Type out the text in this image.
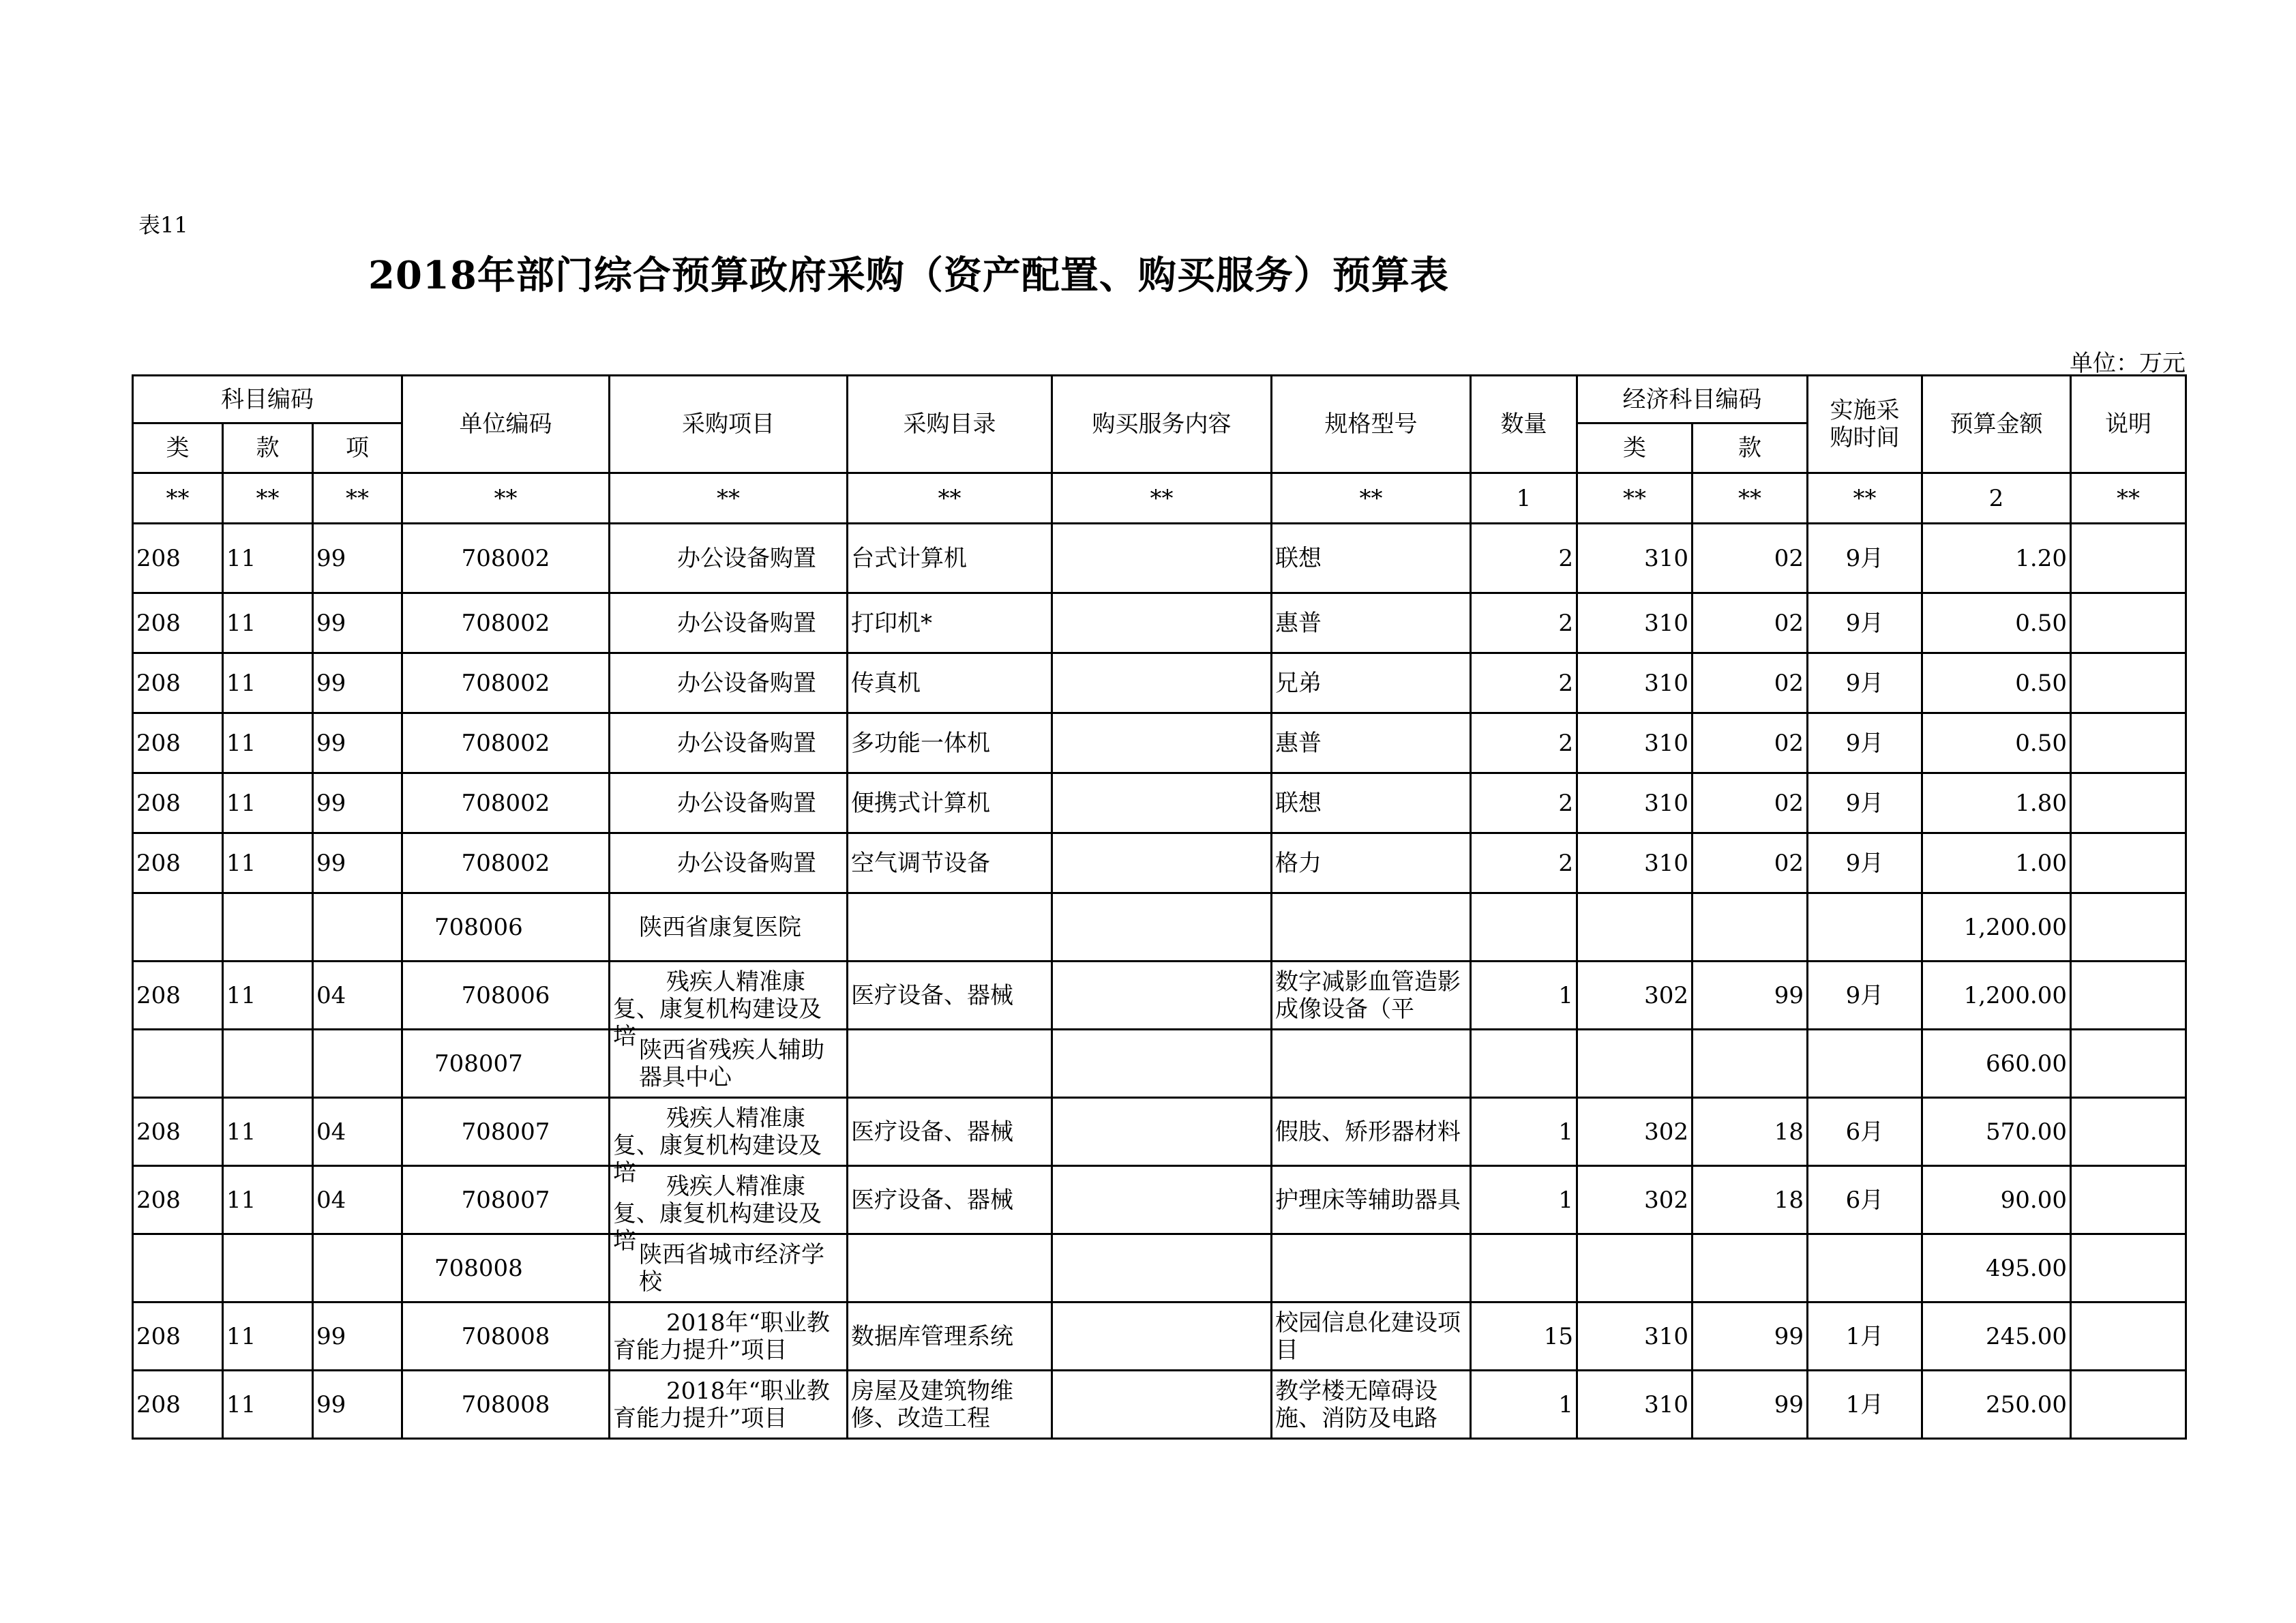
表11
2018年部门综合预算政府采购（资产配置、购买服务）预算表
单位：万元
科目编码			单位编码	采购项目	采购目录	购买服务内容	规格型号	数量	经济科目编码		实施采购时间	预算金额	说明
类	款	项							类	款			
**	**	**	**	**	**	**	**	1	**	**	**	2	**
208	11	99	708002	办公设备购置	台式计算机		联想	2	310	02	9月	1.20	
208	11	99	708002	办公设备购置	打印机*		惠普	2	310	02	9月	0.50	
208	11	99	708002	办公设备购置	传真机		兄弟	2	310	02	9月	0.50	
208	11	99	708002	办公设备购置	多功能一体机		惠普	2	310	02	9月	0.50	
208	11	99	708002	办公设备购置	便携式计算机		联想	2	310	02	9月	1.80	
208	11	99	708002	办公设备购置	空气调节设备		格力	2	310	02	9月	1.00	
			708006	陕西省康复医院								1,200.00	
208	11	04	708006	残疾人精准康复、康复机构建设及培	医疗设备、器械		数字减影血管造影成像设备（平	1	302	99	9月	1,200.00	
			708007	陕西省残疾人辅助器具中心								660.00	
208	11	04	708007	残疾人精准康复、康复机构建设及培	医疗设备、器械		假肢、矫形器材料	1	302	18	6月	570.00	
208	11	04	708007	残疾人精准康复、康复机构建设及培	医疗设备、器械		护理床等辅助器具	1	302	18	6月	90.00	
			708008	陕西省城市经济学校								495.00	
208	11	99	708008	2018年“职业教育能力提升”项目	数据库管理系统		校园信息化建设项目	15	310	99	1月	245.00	
208	11	99	708008	2018年“职业教育能力提升”项目	房屋及建筑物维修、改造工程		教学楼无障碍设施、消防及电路	1	310	99	1月	250.00	
